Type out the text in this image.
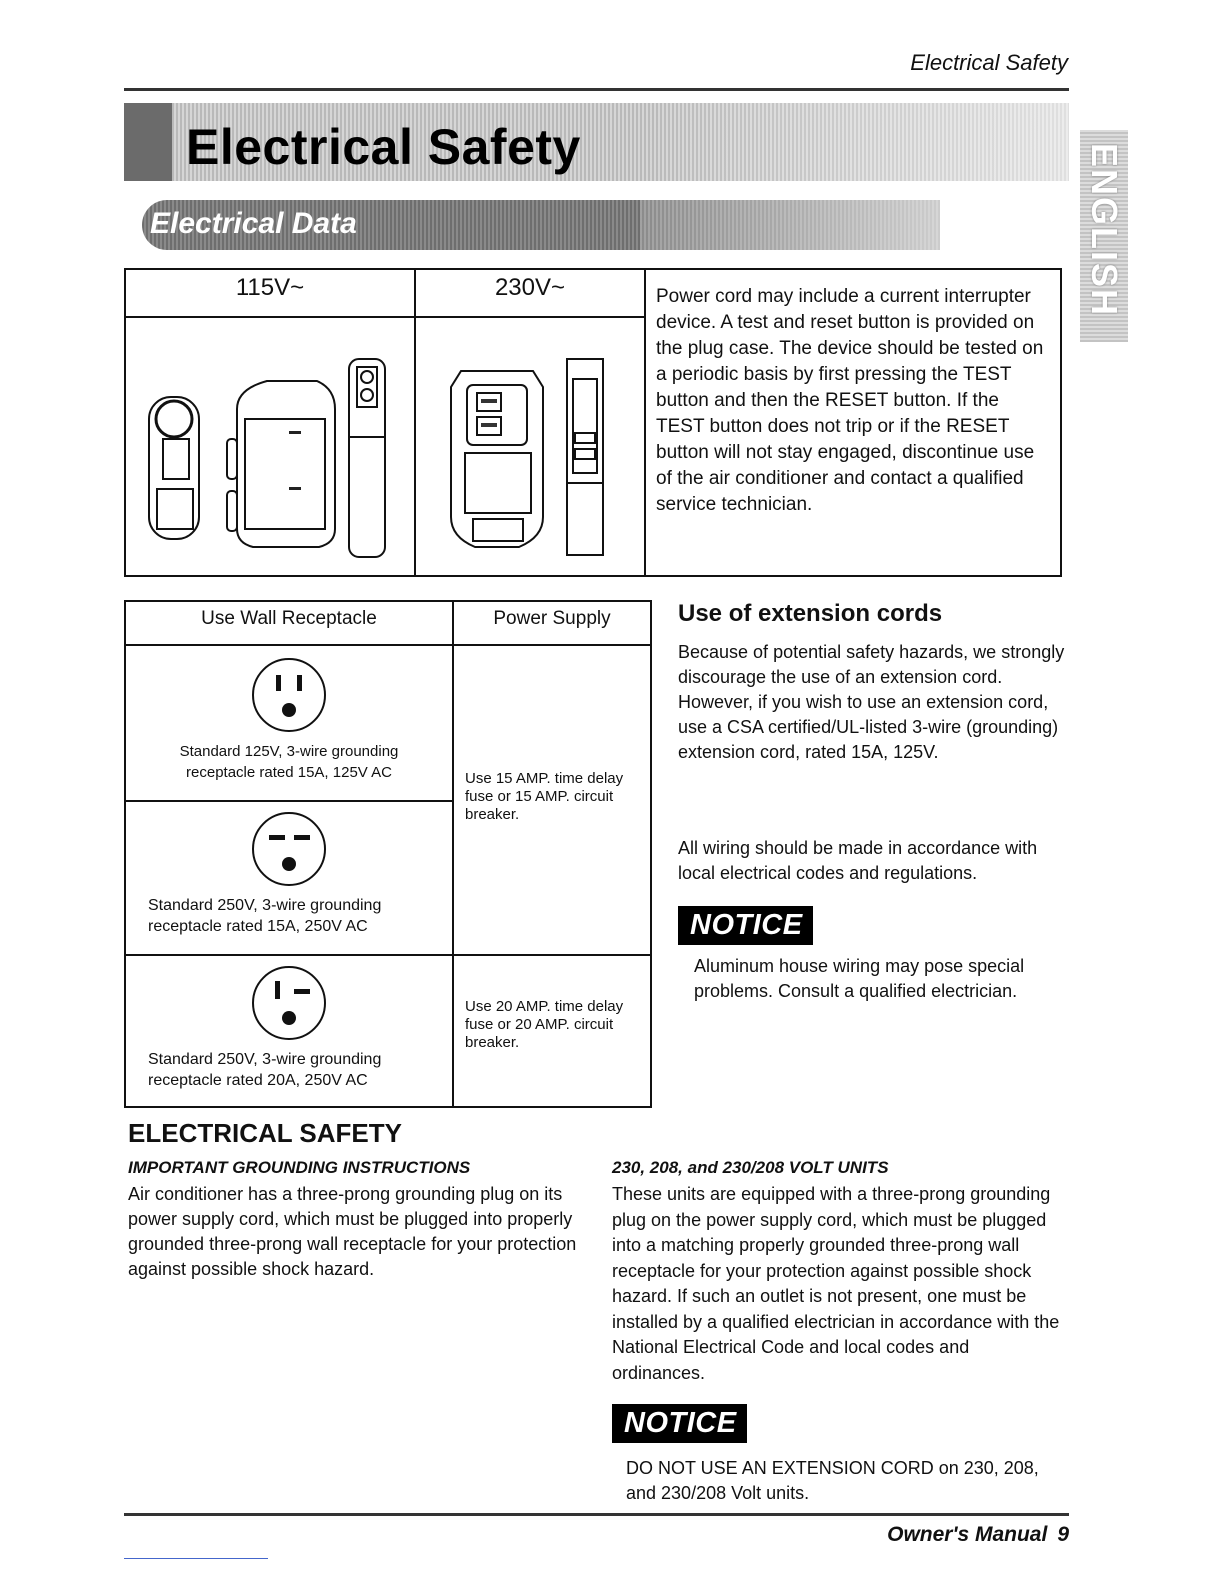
Electrical Safety
Electrical Safety
Electrical Data	ENGLISH
115V~	230V~	Power cord may include a current interrupter device. A test and reset button is provided on the plug case. The device should be tested on a periodic basis by first pressing the TEST button and then the RESET button. If the TEST button does not trip or if the RESET button will not stay engaged, discontinue use of the air conditioner and contact a qualified service technician.

Use Wall Receptacle	Power Supply

Standard 125V, 3-wire grounding
receptacle rated 15A, 125V AC	Use 15 AMP. time delay fuse or 15 AMP. circuit breaker.

Standard 250V, 3-wire grounding
receptacle rated 15A, 250V AC	

Standard 250V, 3-wire grounding
receptacle rated 20A, 250V AC	Use 20 AMP. time delay fuse or 20 AMP. circuit breaker.
Use of extension cords
Because of potential safety hazards, we strongly discourage the use of an extension cord. However, if you wish to use an extension cord, use a CSA certified/UL-listed 3-wire (grounding) extension cord, rated 15A, 125V.
All wiring should be made in accordance with local electrical codes and regulations.
NOTICE
Aluminum house wiring may pose special problems. Consult a qualified electrician.
ELECTRICAL SAFETY
IMPORTANT GROUNDING INSTRUCTIONS
Air conditioner has a three-prong grounding plug on its power supply cord, which must be plugged into properly grounded three-prong wall receptacle for your protection against possible shock hazard.
230, 208, and 230/208 VOLT UNITS
These units are equipped with a three-prong grounding plug on the power supply cord, which must be plugged into a matching properly grounded three-prong wall receptacle for your protection against possible shock hazard. If such an outlet is not present, one must be installed by a qualified electrician in accordance with the National Electrical Code and local codes and ordinances.
NOTICE
DO NOT USE AN EXTENSION CORD on 230, 208, and 230/208 Volt units.
Owner's Manual 9
